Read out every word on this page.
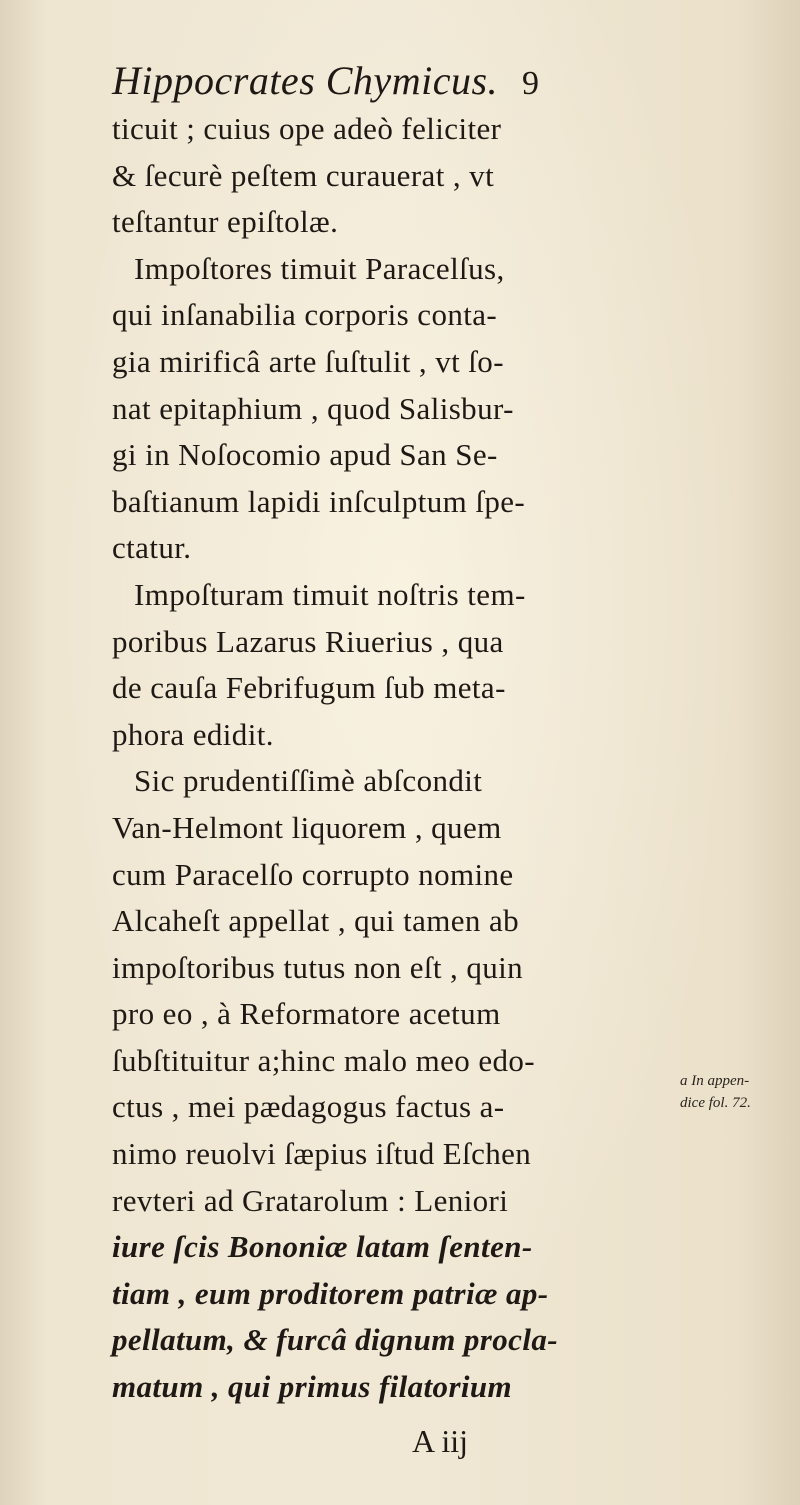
Hippocrates Chymicus. 9
ticuit ; cuius ope adeò feliciter
& ſecurè peſtem curauerat , vt
teſtantur epiſtolæ.
Impoſtores timuit Paracelſus,
qui inſanabilia corporis conta-
gia mirificâ arte ſuſtulit , vt ſo-
nat epitaphium , quod Salisbur-
gi in Noſocomio apud San Se-
baſtianum lapidi inſculptum ſpe-
ctatur.
Impoſturam timuit noſtris tem-
poribus Lazarus Riuerius , qua
de cauſa Febrifugum ſub meta-
phora edidit.
Sic prudentiſſimè abſcondit
Van-Helmont liquorem , quem
cum Paracelſo corrupto nomine
Alcaheſt appellat , qui tamen ab
impoſtoribus tutus non eſt , quin
pro eo , à Reformatore acetum
ſubſtituitur a;hinc malo meo edo-
ctus , mei pædagogus factus a-
nimo reuolvi ſæpius iſtud Eſchen
revteri ad Gratarolum : Leniori
iure ſcis Bononiæ latam ſenten-
tiam , eum proditorem patriæ ap-
pellatum, & furcâ dignum procla-
matum , qui primus filatorium
a In appen-
dice fol. 72.
A iij
